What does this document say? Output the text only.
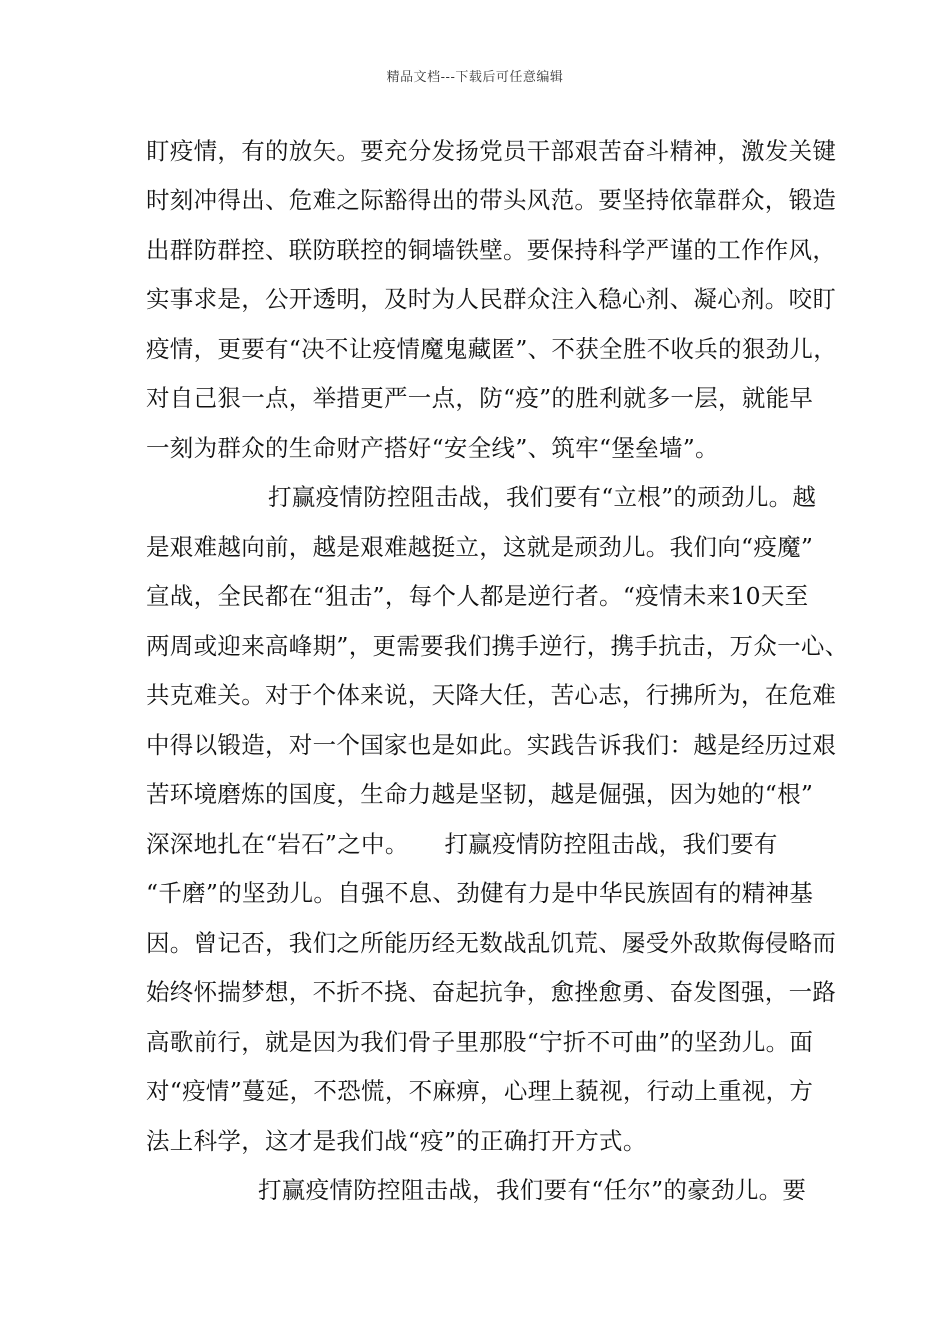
精品文档---下载后可任意编辑
盯疫情，有的放矢。要充分发扬党员干部艰苦奋斗精神，激发关键
时刻冲得出、危难之际豁得出的带头风范。要坚持依靠群众，锻造
出群防群控、联防联控的铜墙铁壁。要保持科学严谨的工作作风，
实事求是，公开透明，及时为人民群众注入稳心剂、凝心剂。咬盯
疫情，更要有“决不让疫情魔鬼藏匿”、不获全胜不收兵的狠劲儿，
对自己狠一点，举措更严一点，防“疫”的胜利就多一层，就能早
一刻为群众的生命财产搭好“安全线”、筑牢“堡垒墙”。
打赢疫情防控阻击战，我们要有“立根”的顽劲儿。越
是艰难越向前，越是艰难越挺立，这就是顽劲儿。我们向“疫魔”
宣战，全民都在“狙击”，每个人都是逆行者。“疫情未来10天至
两周或迎来高峰期”，更需要我们携手逆行，携手抗击，万众一心、
共克难关。对于个体来说，天降大任，苦心志，行拂所为，在危难
中得以锻造，对一个国家也是如此。实践告诉我们：越是经历过艰
苦环境磨炼的国度，生命力越是坚韧，越是倔强，因为她的“根”
深深地扎在“岩石”之中。　　打赢疫情防控阻击战，我们要有
“千磨”的坚劲儿。自强不息、劲健有力是中华民族固有的精神基
因。曾记否，我们之所能历经无数战乱饥荒、屡受外敌欺侮侵略而
始终怀揣梦想，不折不挠、奋起抗争，愈挫愈勇、奋发图强，一路
高歌前行，就是因为我们骨子里那股“宁折不可曲”的坚劲儿。面
对“疫情”蔓延，不恐慌，不麻痹，心理上藐视，行动上重视，方
法上科学，这才是我们战“疫”的正确打开方式。
打赢疫情防控阻击战，我们要有“任尔”的豪劲儿。要
